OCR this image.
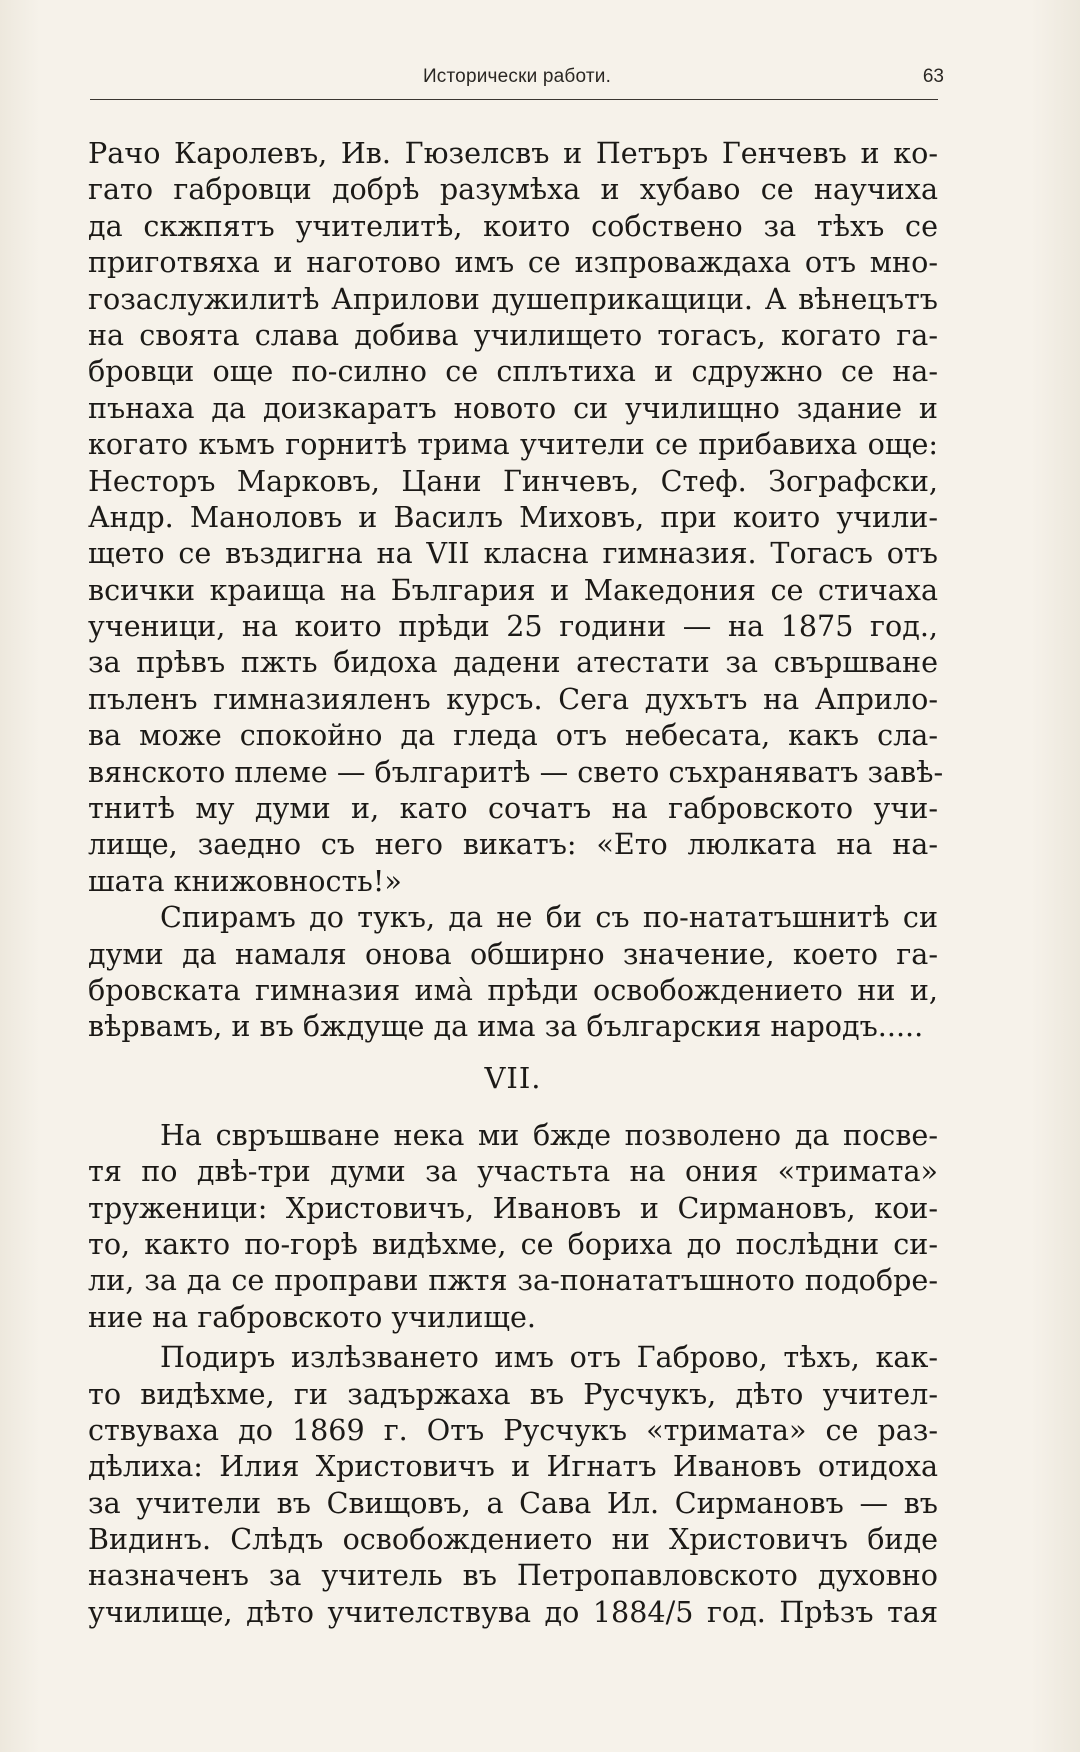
Исторически работи.	63
Рачо Каролевъ, Ив. Гюзелсвъ и Петъръ Генчевъ и ко-
гато габровци добрѣ разумѣха и хубаво се научиха
да скжпятъ учителитѣ, които собствено за тѣхъ се
приготвяха и наготово имъ се изпроваждаха отъ мно-
гозаслужилитѣ Априлови душеприкащици. А вѣнецътъ
на своята слава добива училището тогасъ, когато га-
бровци още по-силно се сплътиха и сдружно се на-
пънаха да доизкаратъ новото си училищно здание и
когато къмъ горнитѣ трима учители се прибавиха още:
Несторъ Марковъ, Цани Гинчевъ, Стеф. Зографски,
Андр. Маноловъ и Василъ Миховъ, при които учили-
щето се въздигна на VII класна гимназия. Тогасъ отъ
всички краища на България и Македония се стичаха
ученици, на които прѣди 25 години — на 1875 год.,
за прѣвъ пжть бидоха дадени атестати за свършване
пъленъ гимназияленъ курсъ. Сега духътъ на Априло-
ва може спокойно да гледа отъ небесата, какъ сла-
вянското племе — българитѣ — свето съхраняватъ завѣ-
тнитѣ му думи и, като сочатъ на габровското учи-
лище, заедно съ него викатъ: «Ето люлката на на-
шата книжовность!»
Спирамъ до тукъ, да не би съ по-нататъшнитѣ си
думи да намаля онова обширно значение, което га-
бровската гимназия имà прѣди освобождението ни и,
вѣрвамъ, и въ бждуще да има за българския народъ.....
VII.
На свръшване нека ми бжде позволено да посве-
тя по двѣ-три думи за участьта на ония «тримата»
труженици: Христовичъ, Ивановъ и Сирмановъ, кои-
то, както по-горѣ видѣхме, се бориха до послѣдни си-
ли, за да се проправи пжтя за-понататъшното подобре-
ние на габровското училище.
Подиръ излѣзването имъ отъ Габрово, тѣхъ, как-
то видѣхме, ги задържаха въ Русчукъ, дѣто учител-
ствуваха до 1869 г. Отъ Русчукъ «тримата» се раз-
дѣлиха: Илия Христовичъ и Игнатъ Ивановъ отидоха
за учители въ Свищовъ, а Сава Ил. Сирмановъ — въ
Видинъ. Слѣдъ освобождението ни Христовичъ биде
назначенъ за учитель въ Петропавловското духовно
училище, дѣто учителствува до 1884/5 год. Прѣзъ тая
